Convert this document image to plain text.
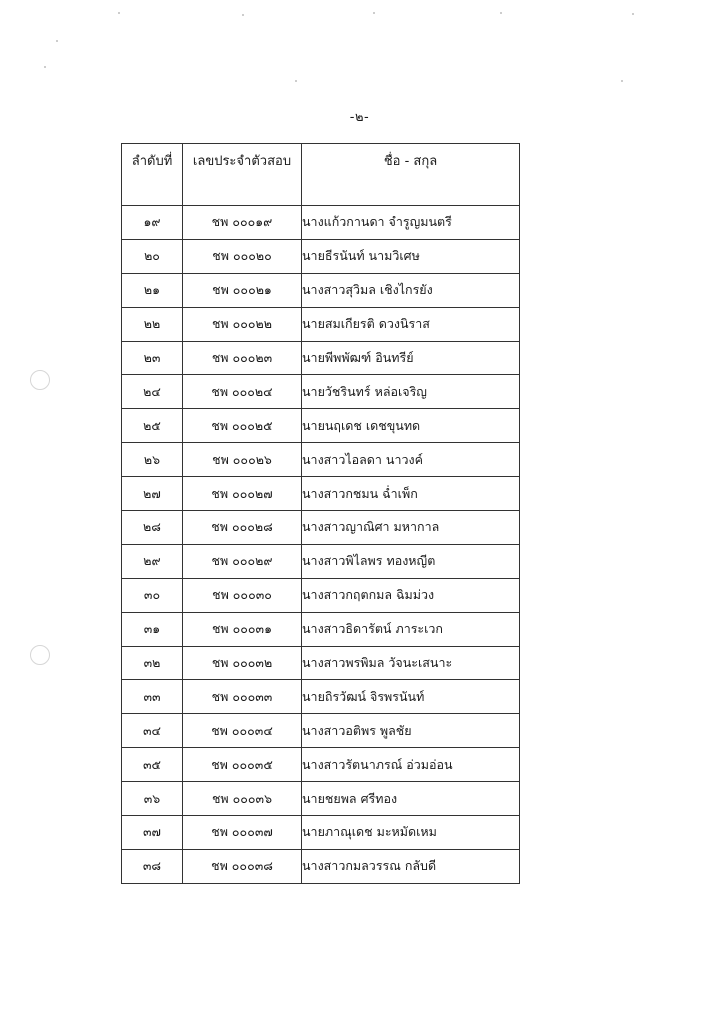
-๒-
ลำดับที่	เลขประจำตัวสอบ	ชื่อ - สกุล
๑๙	ชพ ๐๐๐๑๙	นางแก้วกานดา จำรูญมนตรี
๒๐	ชพ ๐๐๐๒๐	นายธีรนันท์ นามวิเศษ
๒๑	ชพ ๐๐๐๒๑	นางสาวสุวิมล เชิงไกรยัง
๒๒	ชพ ๐๐๐๒๒	นายสมเกียรติ ดวงนิราส
๒๓	ชพ ๐๐๐๒๓	นายพีพพัฒฑ์ อินทรีย์
๒๔	ชพ ๐๐๐๒๔	นายวัชรินทร์ หล่อเจริญ
๒๕	ชพ ๐๐๐๒๕	นายนฤเดช เดชขุนทด
๒๖	ชพ ๐๐๐๒๖	นางสาวไอลดา นาวงค์
๒๗	ชพ ๐๐๐๒๗	นางสาวกชมน ฉ่ำเพ็ก
๒๘	ชพ ๐๐๐๒๘	นางสาวญาณิศา มหากาล
๒๙	ชพ ๐๐๐๒๙	นางสาวพิไลพร ทองหญีต
๓๐	ชพ ๐๐๐๓๐	นางสาวกฤตกมล ฉิมม่วง
๓๑	ชพ ๐๐๐๓๑	นางสาวธิดารัตน์ ภาระเวก
๓๒	ชพ ๐๐๐๓๒	นางสาวพรพิมล วัจนะเสนาะ
๓๓	ชพ ๐๐๐๓๓	นายถิรวัฒน์ จิรพรนันท์
๓๔	ชพ ๐๐๐๓๔	นางสาวอติพร พูลชัย
๓๕	ชพ ๐๐๐๓๕	นางสาวรัตนาภรณ์ อ่วมอ่อน
๓๖	ชพ ๐๐๐๓๖	นายชยพล ศรีทอง
๓๗	ชพ ๐๐๐๓๗	นายภาณุเดช มะหมัดเหม
๓๘	ชพ ๐๐๐๓๘	นางสาวกมลวรรณ กลับดี
